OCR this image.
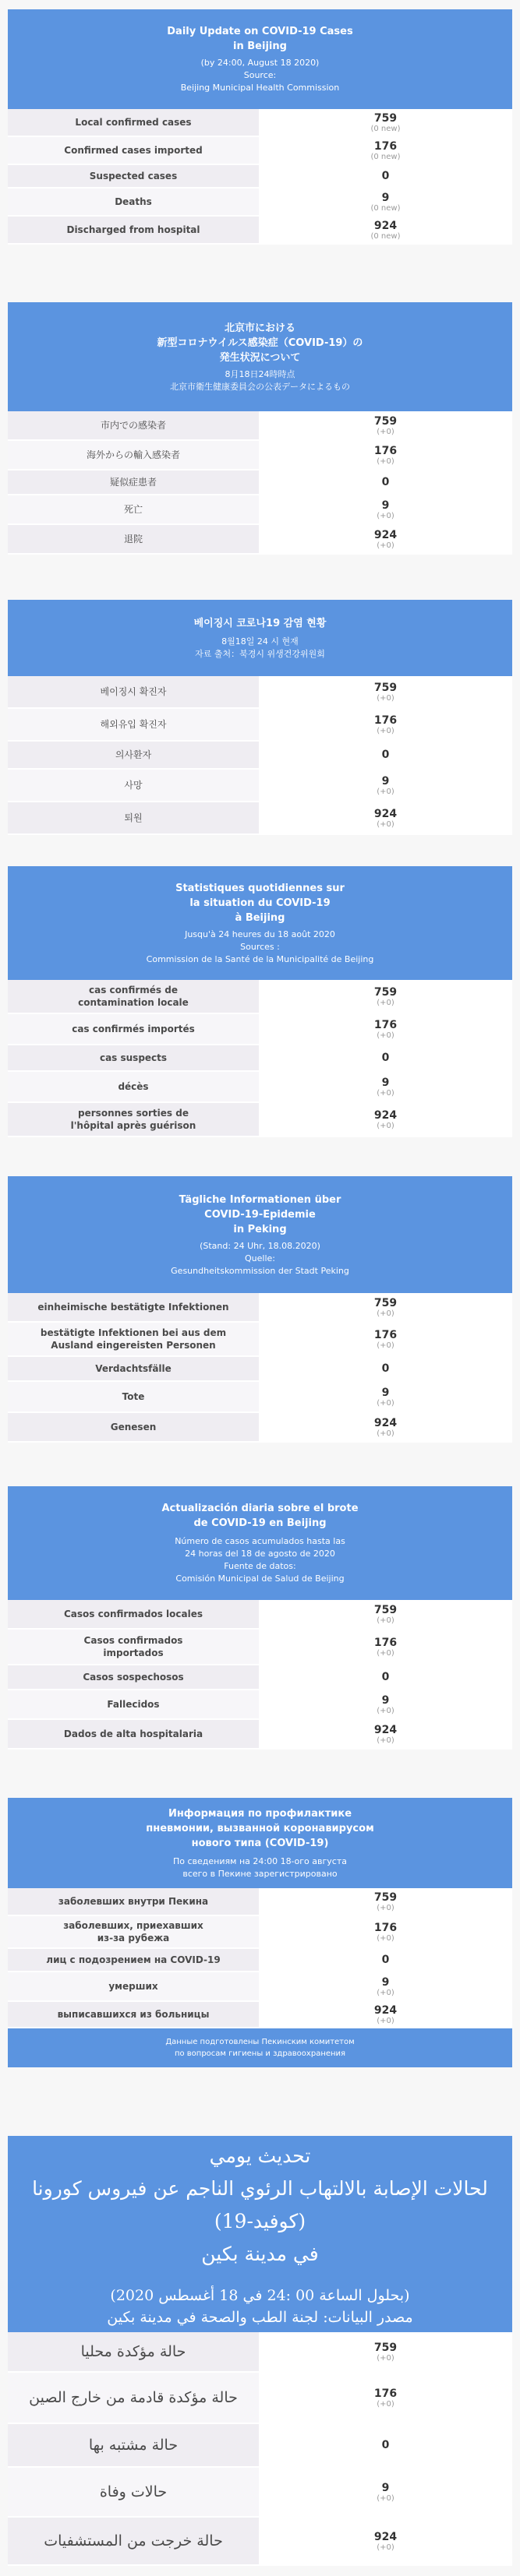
Daily Update on COVID-19 Cases
in Beijing
(by 24:00, August 18 2020)
Source:
Beijing Municipal Health Commission
Local confirmed cases	759
(0 new)
Confirmed cases imported	176
(0 new)
Suspected cases	0
Deaths	9
(0 new)
Discharged from hospital	924
(0 new)
北京市における
新型コロナウイルス感染症（COVID-19）の
発生状況について
8月18日24時時点
北京市衛生健康委員会の公表データによるもの
市内での感染者	759
(+0)
海外からの輸入感染者	176
(+0)
疑似症患者	0
死亡	9
(+0)
退院	924
(+0)
베이징시 코로나19 감염 현황
8월18일 24 시 현재
자료 출처：북경시 위생건강위원회
베이징시 확진자	759
(+0)
해외유입 확진자	176
(+0)
의사환자	0
사망	9
(+0)
퇴원	924
(+0)
Statistiques quotidiennes sur
la situation du COVID-19
à Beijing
Jusqu'à 24 heures du 18 août 2020
Sources :
Commission de la Santé de la Municipalité de Beijing
cas confirmés de
contamination locale
759
(+0)
cas confirmés importés	176
(+0)
cas suspects	0
décès	9
(+0)
personnes sorties de
l'hôpital après guérison
924
(+0)
Tägliche Informationen über
COVID-19-Epidemie
in Peking
(Stand: 24 Uhr, 18.08.2020)
Quelle:
Gesundheitskommission der Stadt Peking
einheimische bestätigte Infektionen	759
(+0)
bestätigte Infektionen bei aus dem
Ausland eingereisten Personen
176
(+0)
Verdachtsfälle	0
Tote	9
(+0)
Genesen	924
(+0)
Actualización diaria sobre el brote
de COVID-19 en Beijing
Número de casos acumulados hasta las
24 horas del 18 de agosto de 2020
Fuente de datos:
Comisión Municipal de Salud de Beijing
Casos confirmados locales	759
(+0)
Casos confirmados
importados
176
(+0)
Casos sospechosos	0
Fallecidos	9
(+0)
Dados de alta hospitalaria	924
(+0)
Информация по профилактике
пневмонии, вызванной коронавирусом
нового типа (COVID-19)
По сведениям на 24:00 18-ого августа
всего в Пекине зарегистрировано
заболевших внутри Пекина	759
(+0)
заболевших, приехавших
из-за рубежа
176
(+0)
лиц с подозрением на COVID-19	0
умерших	9
(+0)
выписавшихся из больницы	924
(+0)
Данные подготовлены Пекинским комитетом
по вопросам гигиены и здравоохранения
تحديث يومي
لحالات الإصابة بالالتهاب الرئوي الناجم عن فيروس كورونا (كوفيد-19)
في مدينة بكين
(بحلول الساعة 00 :24 في 18 أغسطس 2020)
مصدر البيانات: لجنة الطب والصحة في مدينة بكين
حالة مؤكدة محليا	759
(+0)
حالة مؤكدة قادمة من خارج الصين	176
(+0)
حالة مشتبه بها	0
حالات وفاة	9
(+0)
حالة خرجت من المستشفيات	924
(+0)
